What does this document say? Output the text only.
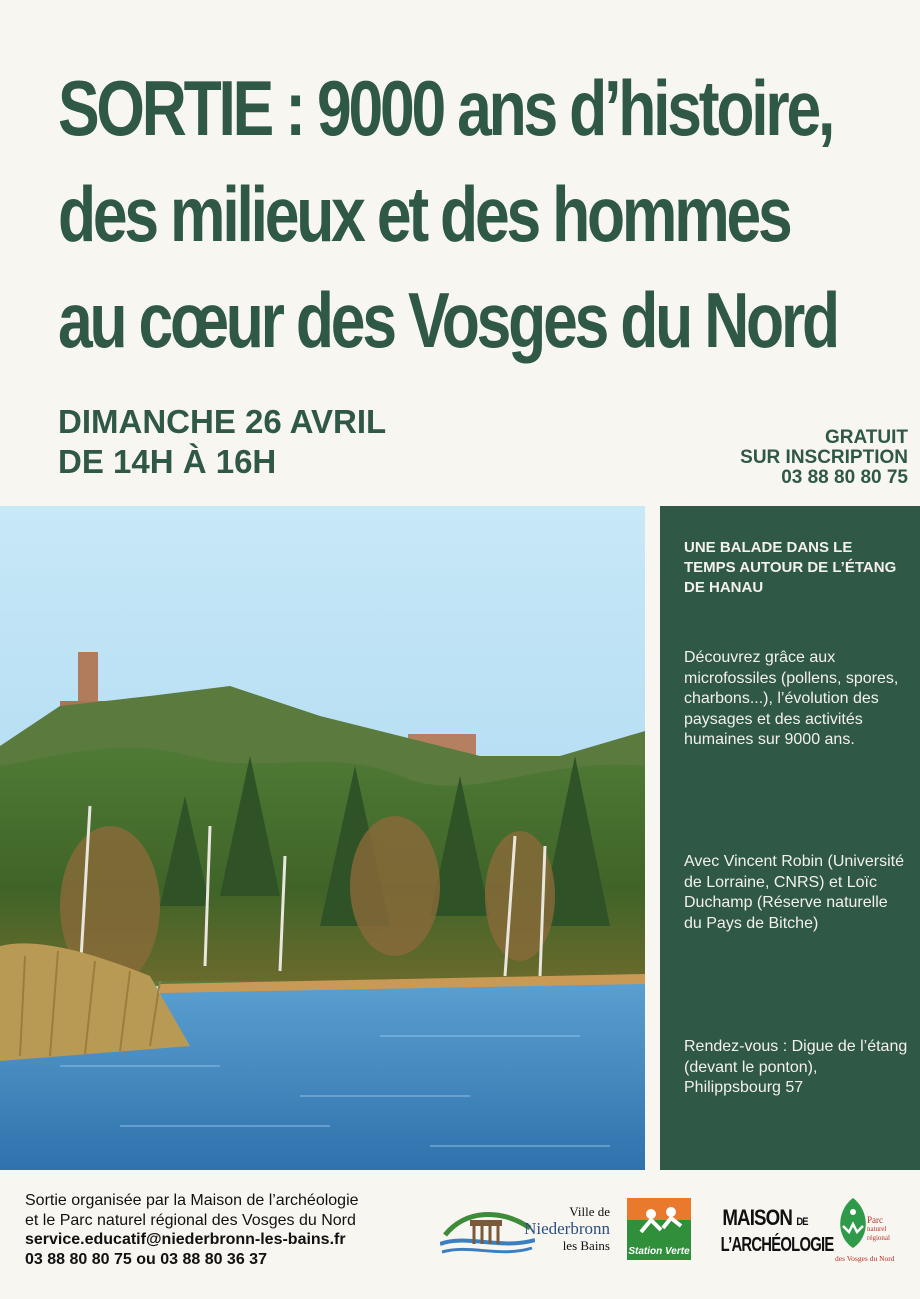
SORTIE : 9000 ans d’histoire,
des milieux et des hommes
au cœur des Vosges du Nord
DIMANCHE 26 AVRIL
DE 14H À 16H
GRATUIT
SUR INSCRIPTION
03 88 80 80 75

UNE BALADE DANS LE TEMPS AUTOUR DE L’ÉTANG DE HANAU

Découvrez grâce aux microfossiles (pollens, spores, charbons...), l’évolution des paysages et des activités humaines sur 9000 ans.

Avec Vincent Robin (Université de Lorraine, CNRS) et Loïc Duchamp (Réserve naturelle du Pays de Bitche)

Rendez-vous : Digue de l’étang (devant le ponton), Philippsbourg 57

Sortie organisée par la Maison de l’archéologie
et le Parc naturel régional des Vosges du Nord
service.educatif@niederbronn-les-bains.fr
03 88 80 80 75 ou 03 88 80 36 37
Ville de
Niederbronn
les Bains Station Verte
MAISON DE
L’ARCHÉOLOGIE
Parc
naturel
régional
des Vosges du Nord
